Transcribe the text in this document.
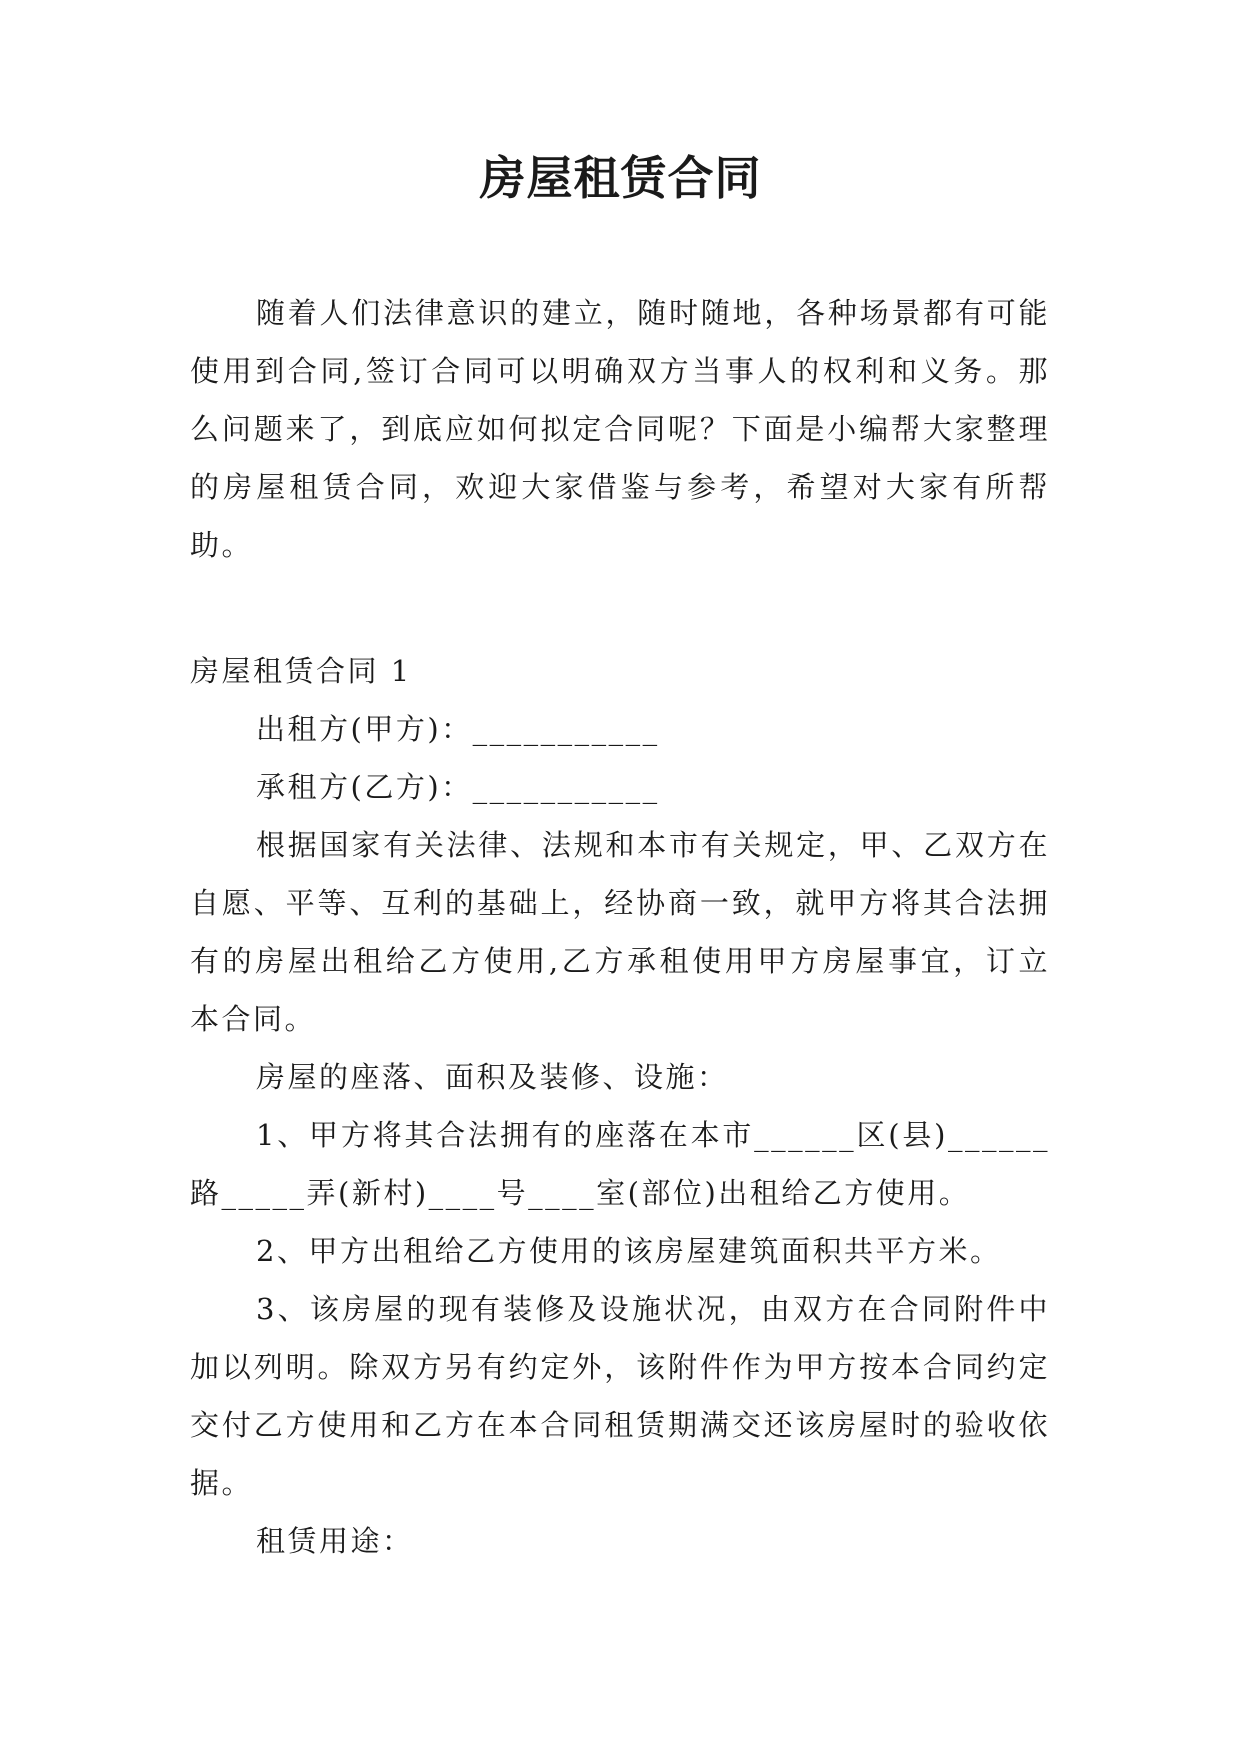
房屋租赁合同

随着人们法律意识的建立，随时随地，各种场景都有可能使用到合同,签订合同可以明确双方当事人的权利和义务。那么问题来了，到底应如何拟定合同呢？下面是小编帮大家整理的房屋租赁合同，欢迎大家借鉴与参考，希望对大家有所帮助。

房屋租赁合同 1

出租方(甲方)：___________

承租方(乙方)：___________

根据国家有关法律、法规和本市有关规定，甲、乙双方在自愿、平等、互利的基础上，经协商一致，就甲方将其合法拥有的房屋出租给乙方使用,乙方承租使用甲方房屋事宜，订立本合同。

房屋的座落、面积及装修、设施：

1、甲方将其合法拥有的座落在本市______区(县)______路_____弄(新村)____号____室(部位)出租给乙方使用。

2、甲方出租给乙方使用的该房屋建筑面积共平方米。

3、该房屋的现有装修及设施状况，由双方在合同附件中加以列明。除双方另有约定外，该附件作为甲方按本合同约定交付乙方使用和乙方在本合同租赁期满交还该房屋时的验收依据。

租赁用途：
